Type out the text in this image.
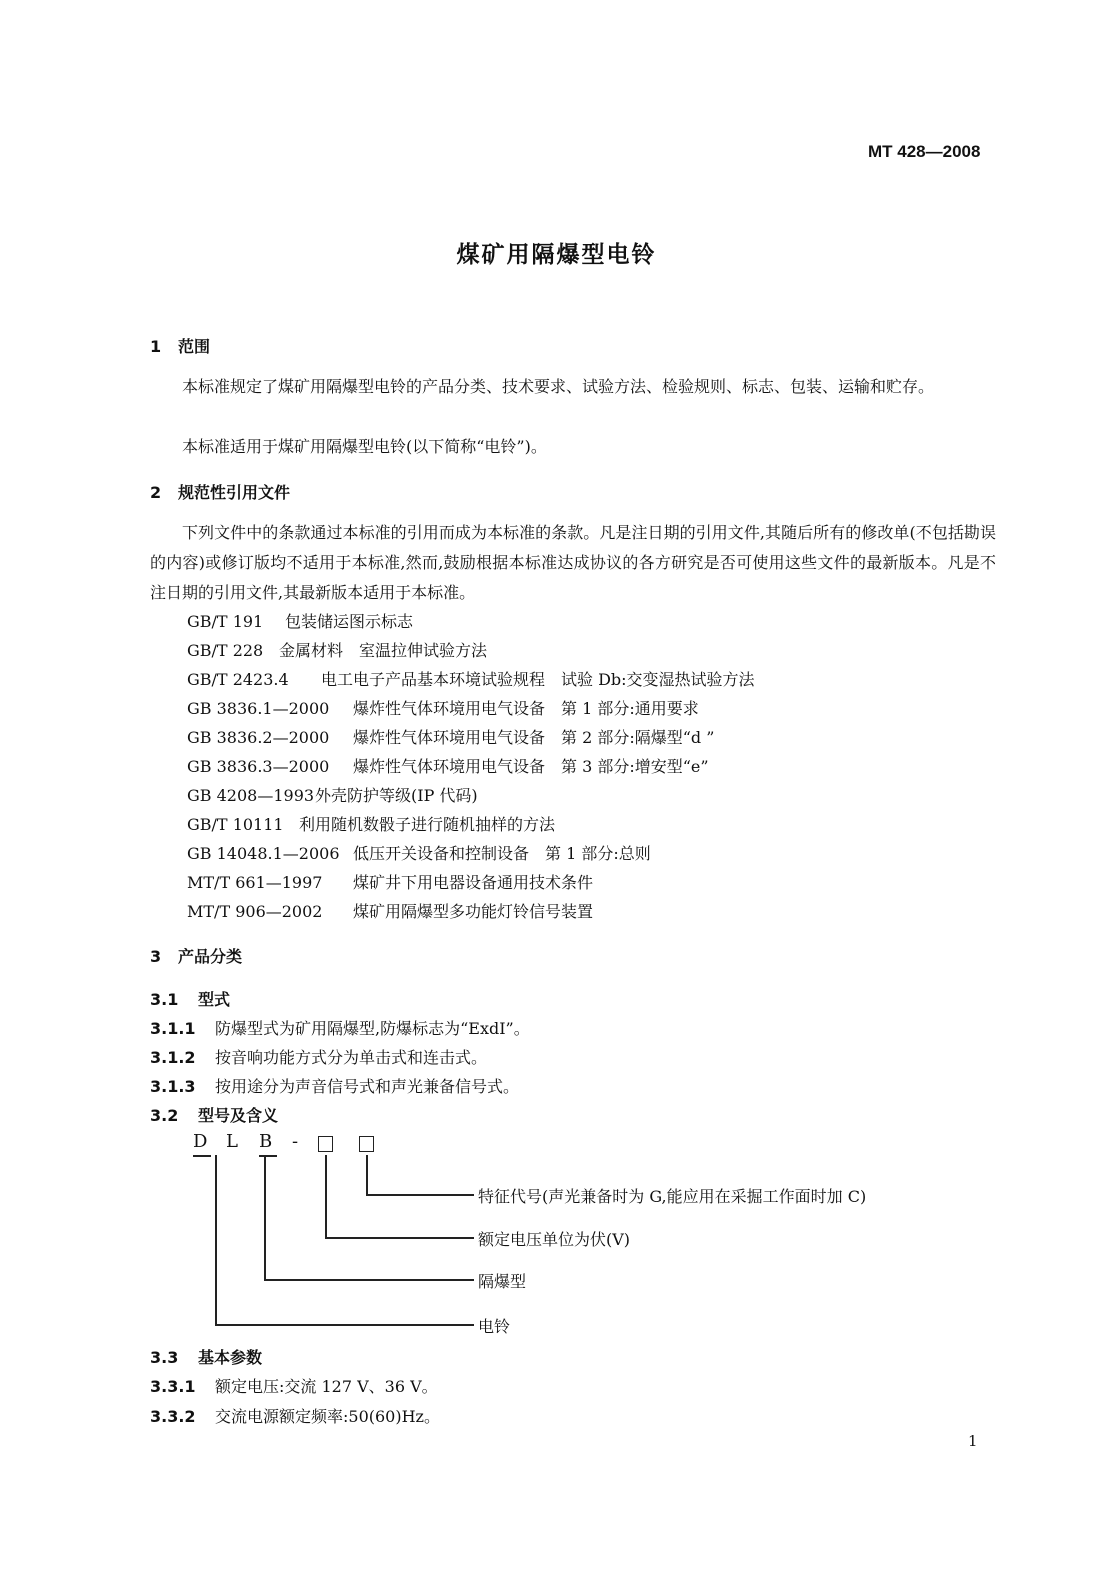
MT 428—2008
煤矿用隔爆型电铃
1 范围
本标准规定了煤矿用隔爆型电铃的产品分类、技术要求、试验方法、检验规则、标志、包装、运输和贮存。
本标准适用于煤矿用隔爆型电铃(以下简称“电铃”)。
2 规范性引用文件
下列文件中的条款通过本标准的引用而成为本标准的条款。凡是注日期的引用文件,其随后所有的修改单(不包括勘误的内容)或修订版均不适用于本标准,然而,鼓励根据本标准达成协议的各方研究是否可使用这些文件的最新版本。凡是不注日期的引用文件,其最新版本适用于本标准。
GB/T 191 包装储运图示标志
GB/T 228 金属材料　室温拉伸试验方法
GB/T 2423.4 电工电子产品基本环境试验规程　试验 Db:交变湿热试验方法
GB 3836.1—2000 爆炸性气体环境用电气设备　第 1 部分:通用要求
GB 3836.2—2000 爆炸性气体环境用电气设备　第 2 部分:隔爆型“d ”
GB 3836.3—2000 爆炸性气体环境用电气设备　第 3 部分:增安型“e”
GB 4208—1993外壳防护等级(IP 代码)
GB/T 10111 利用随机数骰子进行随机抽样的方法
GB 14048.1—2006 低压开关设备和控制设备　第 1 部分:总则
MT/T 661—1997 煤矿井下用电器设备通用技术条件
MT/T 906—2002 煤矿用隔爆型多功能灯铃信号装置
3 产品分类
3.1 型式
3.1.1 防爆型式为矿用隔爆型,防爆标志为“ExdI”。
3.1.2 按音响功能方式分为单击式和连击式。
3.1.3 按用途分为声音信号式和声光兼备信号式。
3.2 型号及含义
D L B -
特征代号(声光兼备时为 G,能应用在采掘工作面时加 C)
额定电压单位为伏(V)
隔爆型
电铃
3.3 基本参数
3.3.1 额定电压:交流 127 V、36 V。
3.3.2 交流电源额定频率:50(60)Hz。
1
